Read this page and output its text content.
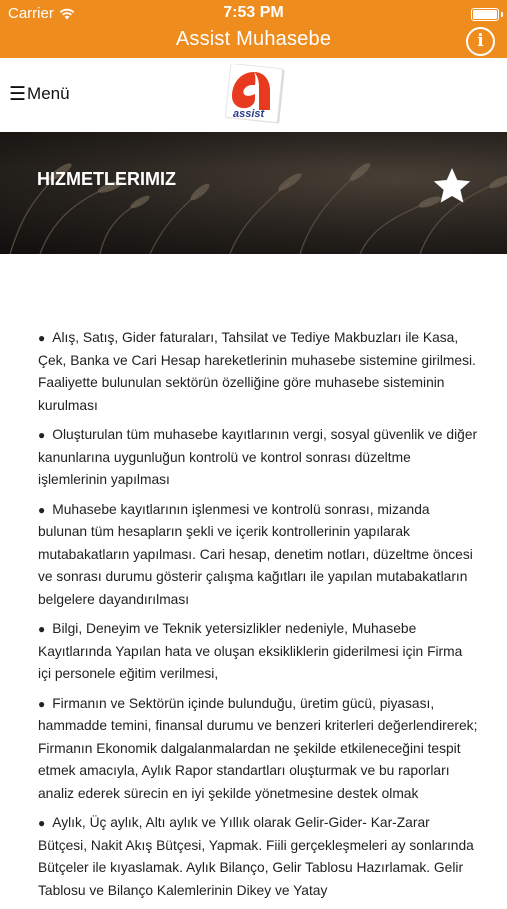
Carrier	7:53 PM
Assist Muhasebe	i
☰ Menü
assist
HIZMETLERIMIZ
● Alış, Satış, Gider faturaları, Tahsilat ve Tediye Makbuzları ile Kasa, Çek, Banka ve Cari Hesap hareketlerinin muhasebe sistemine girilmesi. Faaliyette bulunulan sektörün özelliğine göre muhasebe sisteminin kurulması
● Oluşturulan tüm muhasebe kayıtlarının vergi, sosyal güvenlik ve diğer kanunlarına uygunluğun kontrolü ve kontrol sonrası düzeltme işlemlerinin yapılması
● Muhasebe kayıtlarının işlenmesi ve kontrolü sonrası, mizanda bulunan tüm hesapların şekli ve içerik kontrollerinin yapılarak mutabakatların yapılması. Cari hesap, denetim notları, düzeltme öncesi ve sonrası durumu gösterir çalışma kağıtları ile yapılan mutabakatların belgelere dayandırılması
● Bilgi, Deneyim ve Teknik yetersizlikler nedeniyle, Muhasebe Kayıtlarında Yapılan hata ve oluşan eksikliklerin giderilmesi için Firma içi personele eğitim verilmesi,
● Firmanın ve Sektörün içinde bulunduğu, üretim gücü, piyasası, hammadde temini, finansal durumu ve benzeri kriterleri değerlendirerek; Firmanın Ekonomik dalgalanmalardan ne şekilde etkileneceğini tespit etmek amacıyla, Aylık Rapor standartları oluşturmak ve bu raporları analiz ederek sürecin en iyi şekilde yönetmesine destek olmak
● Aylık, Üç aylık, Altı aylık ve Yıllık olarak Gelir-Gider- Kar-Zarar Bütçesi, Nakit Akış Bütçesi, Yapmak. Fiili gerçekleşmeleri ay sonlarında Bütçeler ile kıyaslamak. Aylık Bilanço, Gelir Tablosu Hazırlamak. Gelir Tablosu ve Bilanço Kalemlerinin Dikey ve Yatay
